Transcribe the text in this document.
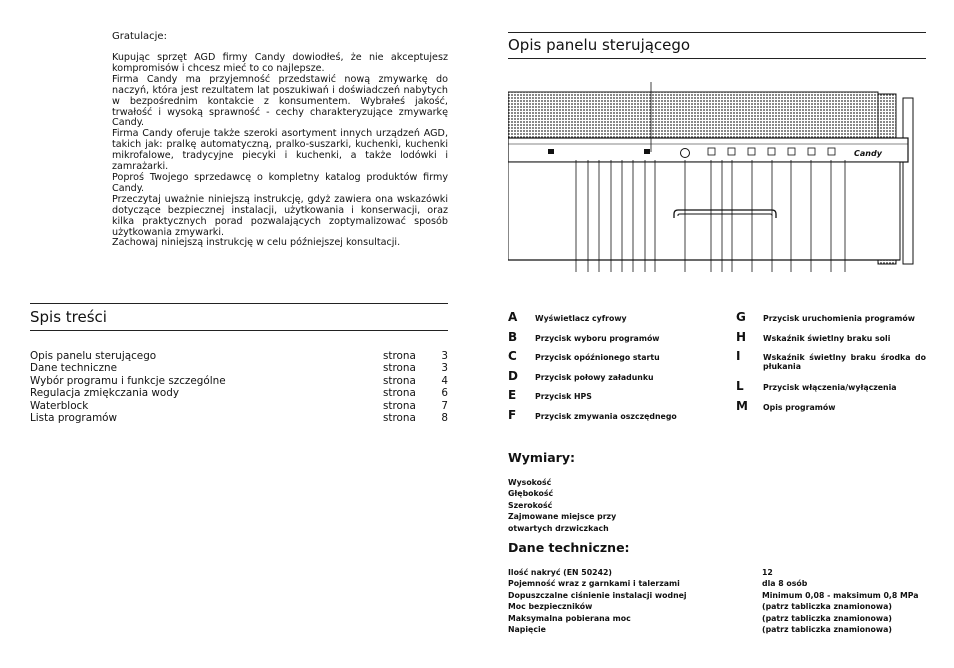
Gratulacje:

Kupując sprzęt AGD firmy Candy dowiodłeś, że nie akceptujesz kompromisów i chcesz mieć to co najlepsze.

Firma Candy ma przyjemność przedstawić nową zmywarkę do naczyń, która jest rezultatem lat poszukiwań i doświadczeń nabytych w bezpośrednim kontakcie z konsumentem. Wybrałeś jakość, trwałość i wysoką sprawność - cechy charakteryzujące zmywarkę Candy.

Firma Candy oferuje także szeroki asortyment innych urządzeń AGD, takich jak: pralkę automatyczną, pralko-suszarki, kuchenki, kuchenki mikrofalowe, tradycyjne piecyki i kuchenki, a także lodówki i zamrażarki.

Poproś Twojego sprzedawcę o kompletny katalog produktów firmy Candy.

Przeczytaj uważnie niniejszą instrukcję, gdyż zawiera ona wskazówki dotyczące bezpiecznej instalacji, użytkowania i konserwacji, oraz kilka praktycznych porad pozwalających zoptymalizować sposób użytkowania zmywarki.

Zachowaj niniejszą instrukcję w celu późniejszej konsultacji.

Spis treści
Opis panelu sterującego	strona 3
Dane techniczne	strona 3
Wybór programu i funkcje szczególne	strona 4
Regulacja zmiękczania wody	strona 6
Waterblock	strona 7
Lista programów	strona 8
Opis panelu sterującego
Candy
A Wyświetlacz cyfrowy
B Przycisk wyboru programów
C Przycisk opóźnionego startu
D Przycisk połowy załadunku
E Przycisk HPS
F Przycisk zmywania oszczędnego
G Przycisk uruchomienia programów
H Wskaźnik świetlny braku soli
I	Wskaźnik świetlny braku środka do płukania
L Przycisk włączenia/wyłączenia
M Opis programów
Wymiary:
Wysokość
Głębokość
Szerokość
Zajmowane miejsce przy
otwartych drzwiczkach
Dane techniczne:
Ilość nakryć (EN 50242)	12
Pojemność wraz z garnkami i talerzami	dla 8 osób
Dopuszczalne ciśnienie instalacji wodnej	Minimum 0,08 - maksimum 0,8 MPa
Moc bezpieczników	(patrz tabliczka znamionowa)
Maksymalna pobierana moc	(patrz tabliczka znamionowa)
Napięcie	(patrz tabliczka znamionowa)
